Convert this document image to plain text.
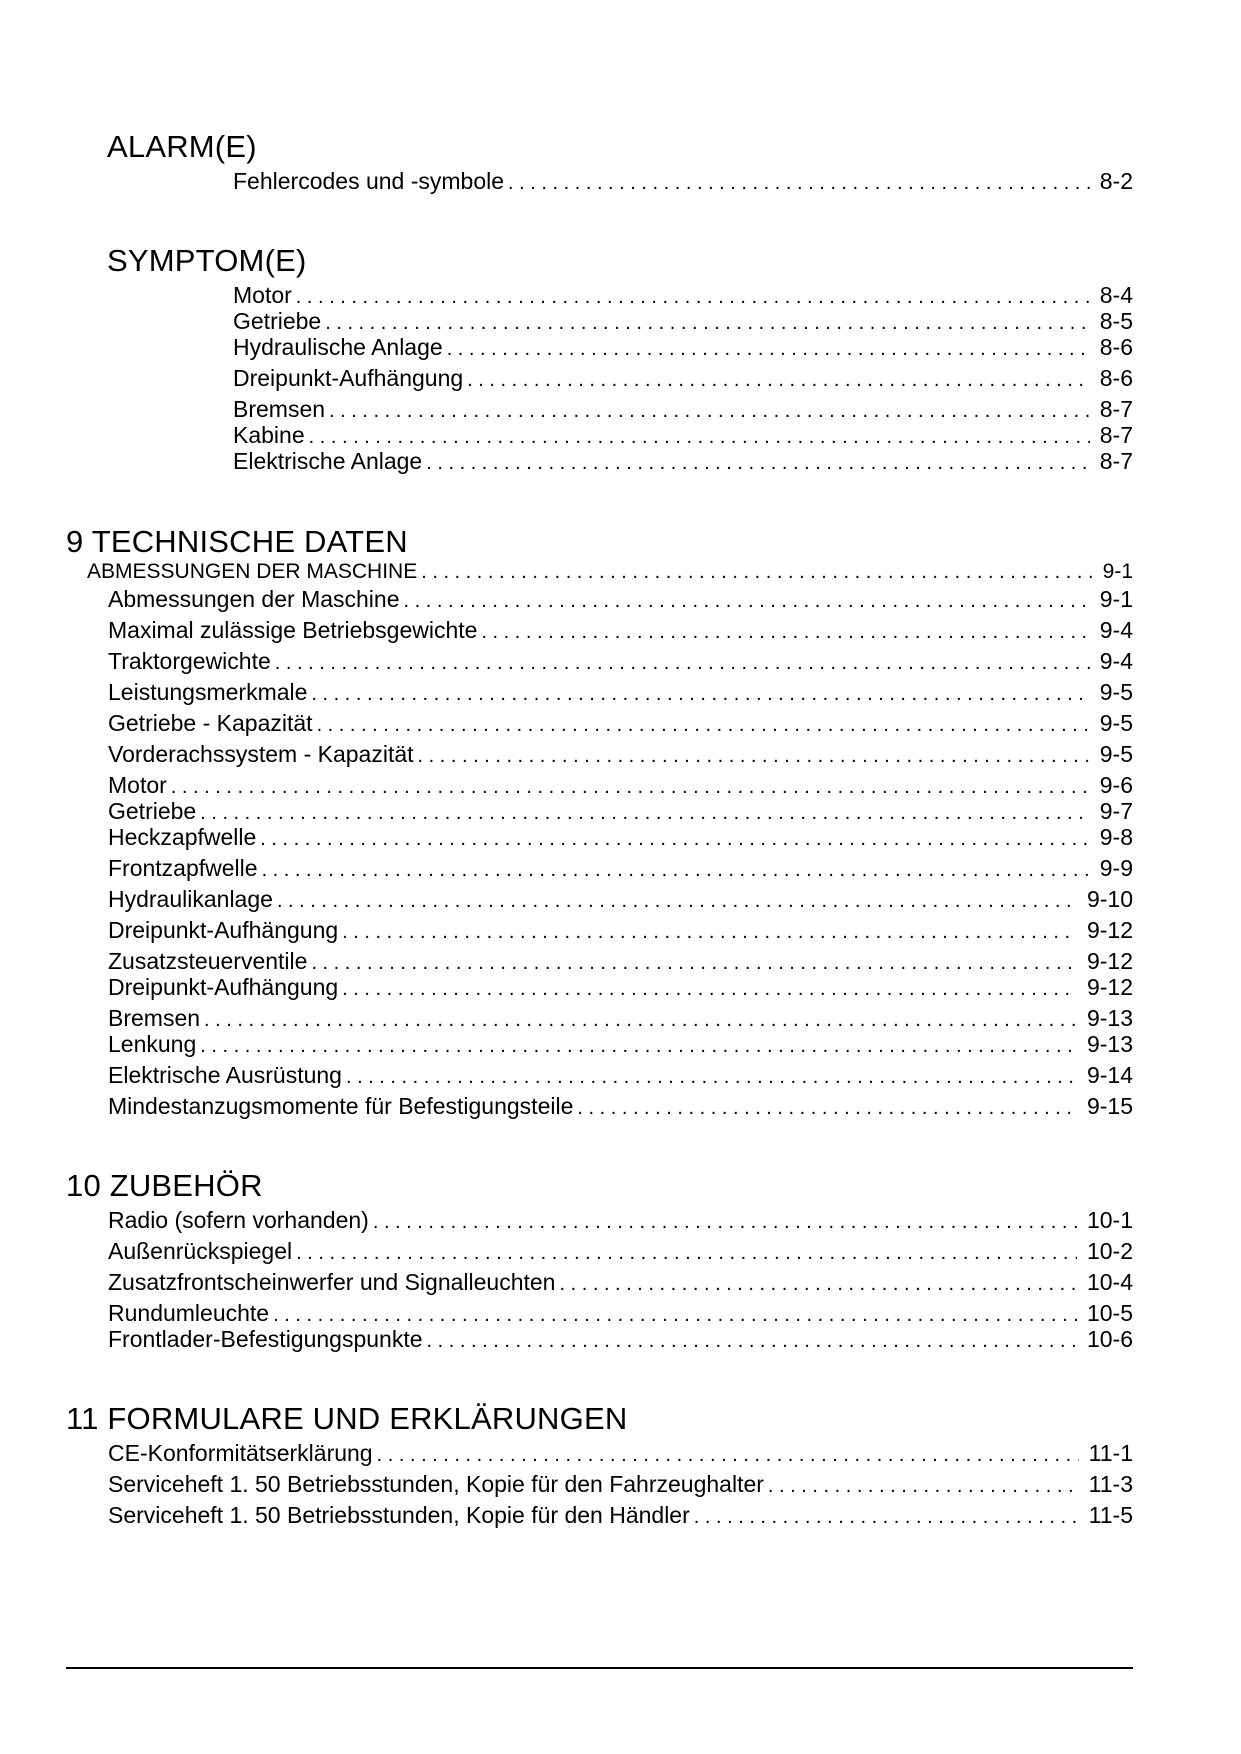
ALARM(E)
Fehlercodes und -symbole . . .	8-2
SYMPTOM(E)
Motor . . .	8-4
Getriebe . . .	8-5
Hydraulische Anlage . . .	8-6
Dreipunkt-Aufhängung . . .	8-6
Bremsen . . .	8-7
Kabine . . .	8-7
Elektrische Anlage . . .	8-7
9 TECHNISCHE DATEN
ABMESSUNGEN DER MASCHINE . . .	9-1
Abmessungen der Maschine . . .	9-1
Maximal zulässige Betriebsgewichte . . .	9-4
Traktorgewichte . . .	9-4
Leistungsmerkmale . . .	9-5
Getriebe - Kapazität . . .	9-5
Vorderachssystem - Kapazität . . .	9-5
Motor . . .	9-6
Getriebe . . .	9-7
Heckzapfwelle . . .	9-8
Frontzapfwelle . . .	9-9
Hydraulikanlage . . .	9-10
Dreipunkt-Aufhängung . . .	9-12
Zusatzsteuerventile . . .	9-12
Dreipunkt-Aufhängung . . .	9-12
Bremsen . . .	9-13
Lenkung . . .	9-13
Elektrische Ausrüstung . . .	9-14
Mindestanzugsmomente für Befestigungsteile . . .	9-15
10 ZUBEHÖR
Radio (sofern vorhanden) . . .	10-1
Außenrückspiegel . . .	10-2
Zusatzfrontscheinwerfer und Signalleuchten . . .	10-4
Rundumleuchte . . .	10-5
Frontlader-Befestigungspunkte . . .	10-6
11 FORMULARE UND ERKLÄRUNGEN
CE-Konformitätserklärung . . .	11-1
Serviceheft 1. 50 Betriebsstunden, Kopie für den Fahrzeughalter . . .	11-3
Serviceheft 1. 50 Betriebsstunden, Kopie für den Händler . . .	11-5
